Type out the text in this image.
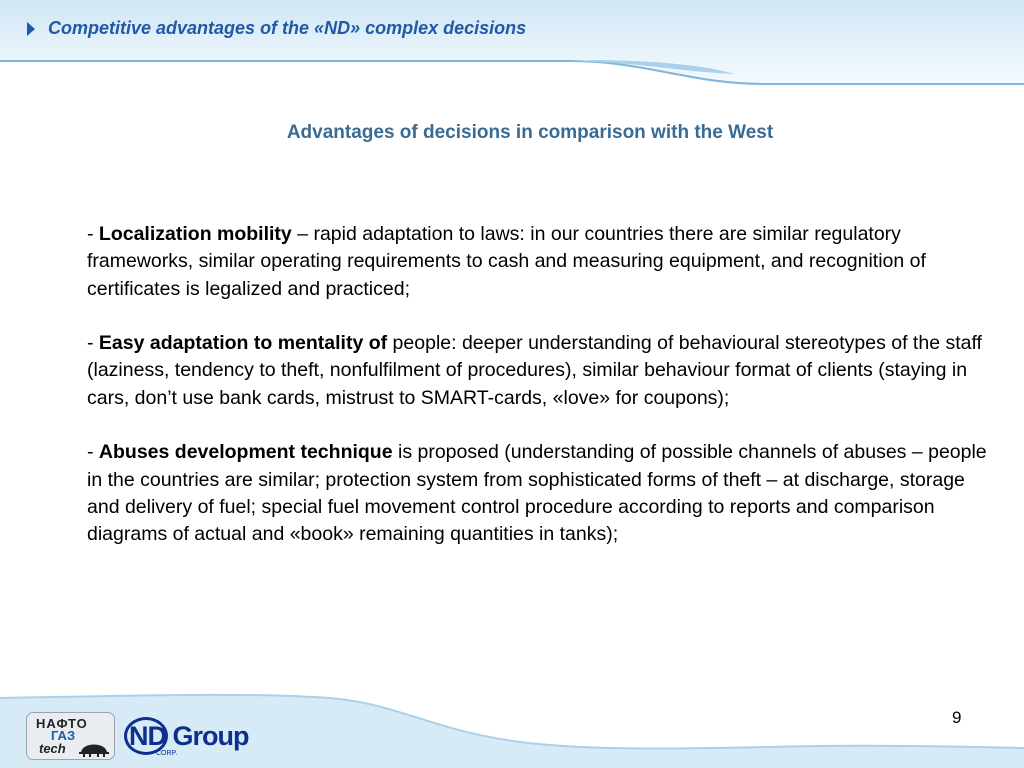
Competitive advantages of the «ND» complex decisions
Advantages of decisions in comparison with the West

- Localization mobility – rapid adaptation to laws: in our countries there are similar regulatory frameworks, similar operating requirements to cash and measuring equipment, and recognition of certificates is legalized and practiced;

- Easy adaptation to mentality of people: deeper understanding of behavioural stereotypes of the staff (laziness, tendency to theft, nonfulfilment of procedures), similar behaviour format of clients (staying in cars, don’t use bank cards, mistrust to SMART-cards, «love» for coupons);

- Abuses development technique is proposed (understanding of possible channels of abuses – people in the countries are similar; protection system from sophisticated forms of theft – at discharge, storage and delivery of fuel; special fuel movement control procedure according to reports and comparison diagrams of actual and «book» remaining quantities in tanks);

НАФТО
ГАЗ
tech ND Group
CORP.
9
